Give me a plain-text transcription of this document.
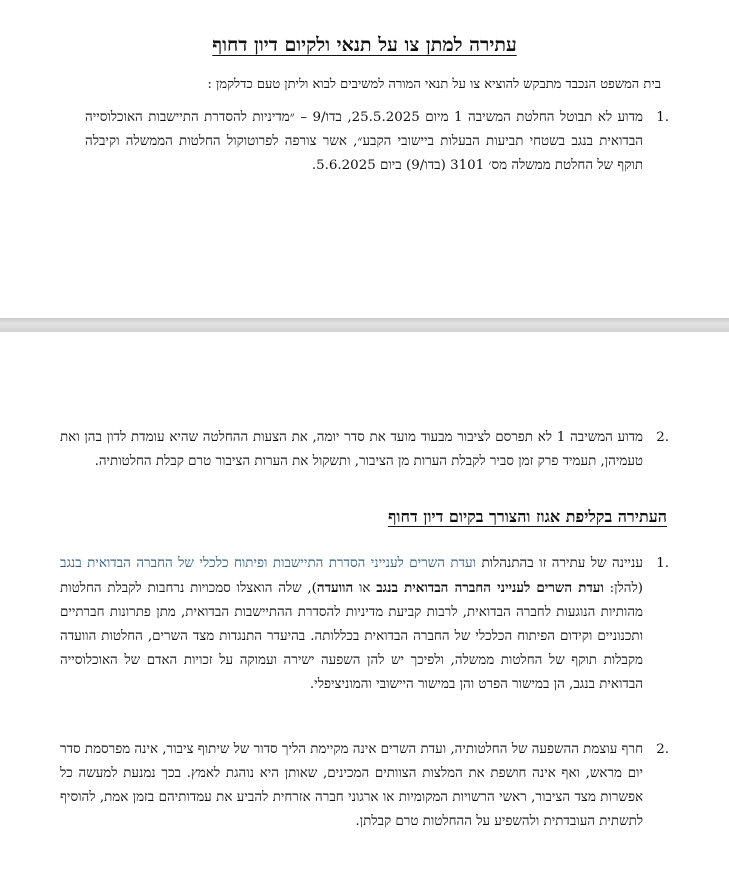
עתירה למתן צו על תנאי ולקיום דיון דחוף

בית המשפט הנכבד מתבקש להוציא צו על תנאי המורה למשיבים לבוא וליתן טעם כדלקמן :

1.

מדוע לא תבוטל החלטת המשיבה 1 מיום 25.5.2025, בדו/9 – ״מדיניות להסדרת התיישבות האוכלוסייה הבדואית בנגב בשטחי תביעות הבעלות ביישובי הקבע״, אשר צורפה לפרוטוקול החלטות הממשלה וקיבלה תוקף של החלטת ממשלה מס׳ 3101 (בדו/9) ביום 5.6.2025.

2.

מדוע המשיבה 1 לא תפרסם לציבור מבעוד מועד את סדר יומה, את הצעות ההחלטה שהיא עומדת לדון בהן ואת טעמיהן, תעמיד פרק זמן סביר לקבלת הערות מן הציבור, ותשקול את הערות הציבור טרם קבלת החלטותיה.

העתירה בקליפת אגוז והצורך בקיום דיון דחוף
1.

עניינה של עתירה זו בהתנהלות ועדת השרים לענייני הסדרת התיישבות ופיתוח כלכלי של החברה הבדואית בנגב (להלן: ועדת השרים לענייני החברה הבדואית בנגב או הוועדה), שלה הואצלו סמכויות נרחבות לקבלת החלטות מהותיות הנוגעות לחברה הבדואית, לרבות קביעת מדיניות להסדרת ההתיישבות הבדואית, מתן פתרונות חברתיים ותכנוניים וקידום הפיתוח הכלכלי של החברה הבדואית בכללותה. בהיעדר התנגדות מצד השרים, החלטות הוועדה מקבלות תוקף של החלטות ממשלה, ולפיכך יש להן השפעה ישירה ועמוקה על זכויות האדם של האוכלוסייה הבדואית בנגב, הן במישור הפרט והן במישור היישובי והמוניציפלי.

2.

חרף עוצמת ההשפעה של החלטותיה, ועדת השרים אינה מקיימת הליך סדור של שיתוף ציבור, אינה מפרסמת סדר יום מראש, ואף אינה חושפת את המלצות הצוותים המכינים, שאותן היא נוהגת לאמץ. בכך נמנעת למעשה כל אפשרות מצד הציבור, ראשי הרשויות המקומיות או ארגוני חברה אזרחית להביע את עמדותיהם בזמן אמת, להוסיף לתשתית העובדתית ולהשפיע על ההחלטות טרם קבלתן.
